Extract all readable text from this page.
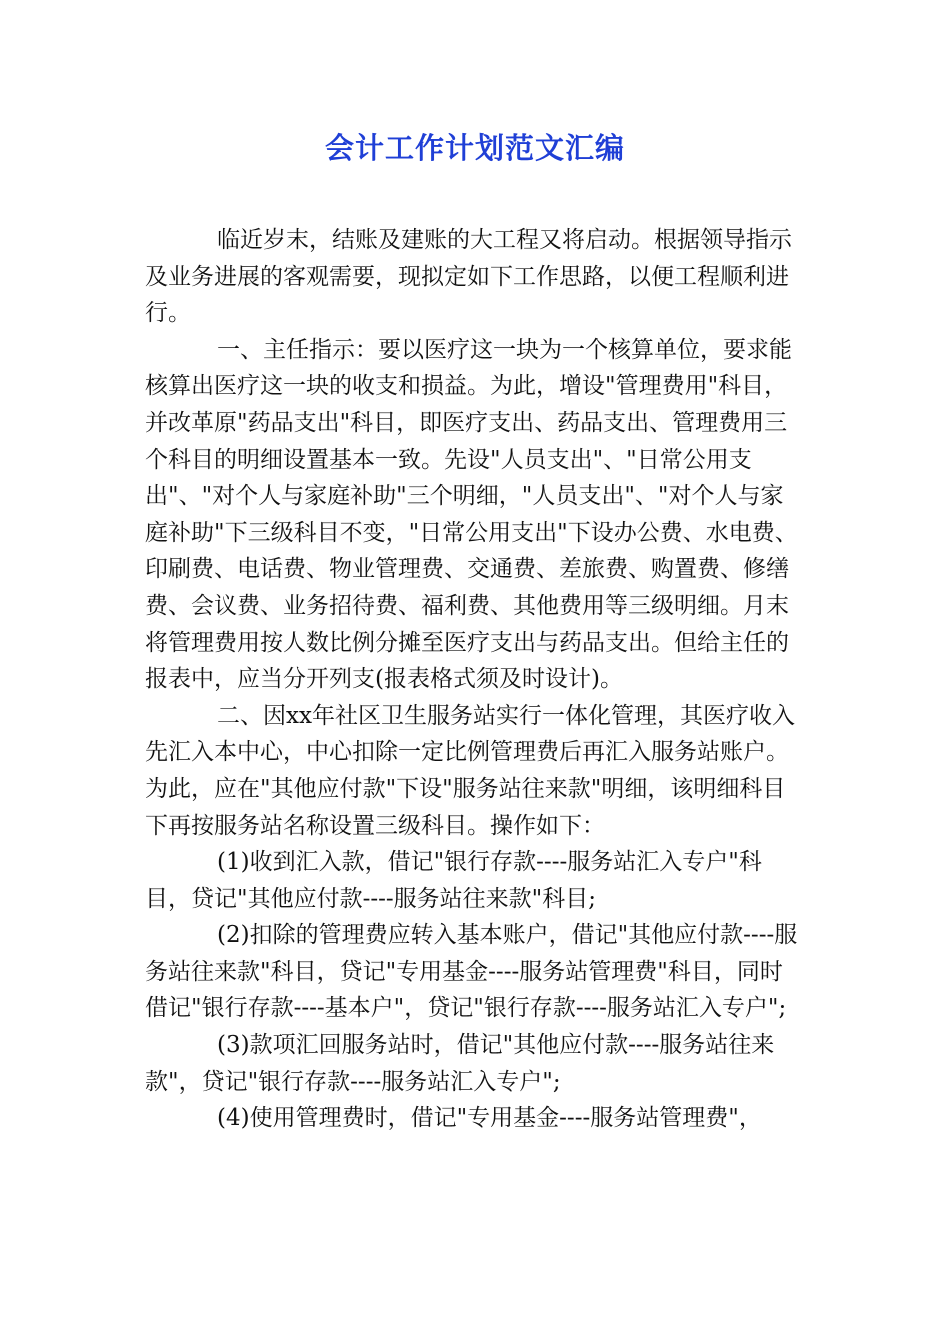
会计工作计划范文汇编

临近岁末，结账及建账的大工程又将启动。根据领导指示及业务进展的客观需要，现拟定如下工作思路，以便工程顺利进行。

一、主任指示：要以医疗这一块为一个核算单位，要求能核算出医疗这一块的收支和损益。为此，增设"管理费用"科目，并改革原"药品支出"科目，即医疗支出、药品支出、管理费用三个科目的明细设置基本一致。先设"人员支出"、"日常公用支出"、"对个人与家庭补助"三个明细，"人员支出"、"对个人与家庭补助"下三级科目不变，"日常公用支出"下设办公费、水电费、印刷费、电话费、物业管理费、交通费、差旅费、购置费、修缮费、会议费、业务招待费、福利费、其他费用等三级明细。月末将管理费用按人数比例分摊至医疗支出与药品支出。但给主任的报表中，应当分开列支(报表格式须及时设计)。

二、因xx年社区卫生服务站实行一体化管理，其医疗收入先汇入本中心，中心扣除一定比例管理费后再汇入服务站账户。为此，应在"其他应付款"下设"服务站往来款"明细，该明细科目下再按服务站名称设置三级科目。操作如下：

(1)收到汇入款，借记"银行存款----服务站汇入专户"科目，贷记"其他应付款----服务站往来款"科目;

(2)扣除的管理费应转入基本账户，借记"其他应付款----服务站往来款"科目，贷记"专用基金----服务站管理费"科目，同时借记"银行存款----基本户"，贷记"银行存款----服务站汇入专户";

(3)款项汇回服务站时，借记"其他应付款----服务站往来款"，贷记"银行存款----服务站汇入专户";

(4)使用管理费时，借记"专用基金----服务站管理费"，
